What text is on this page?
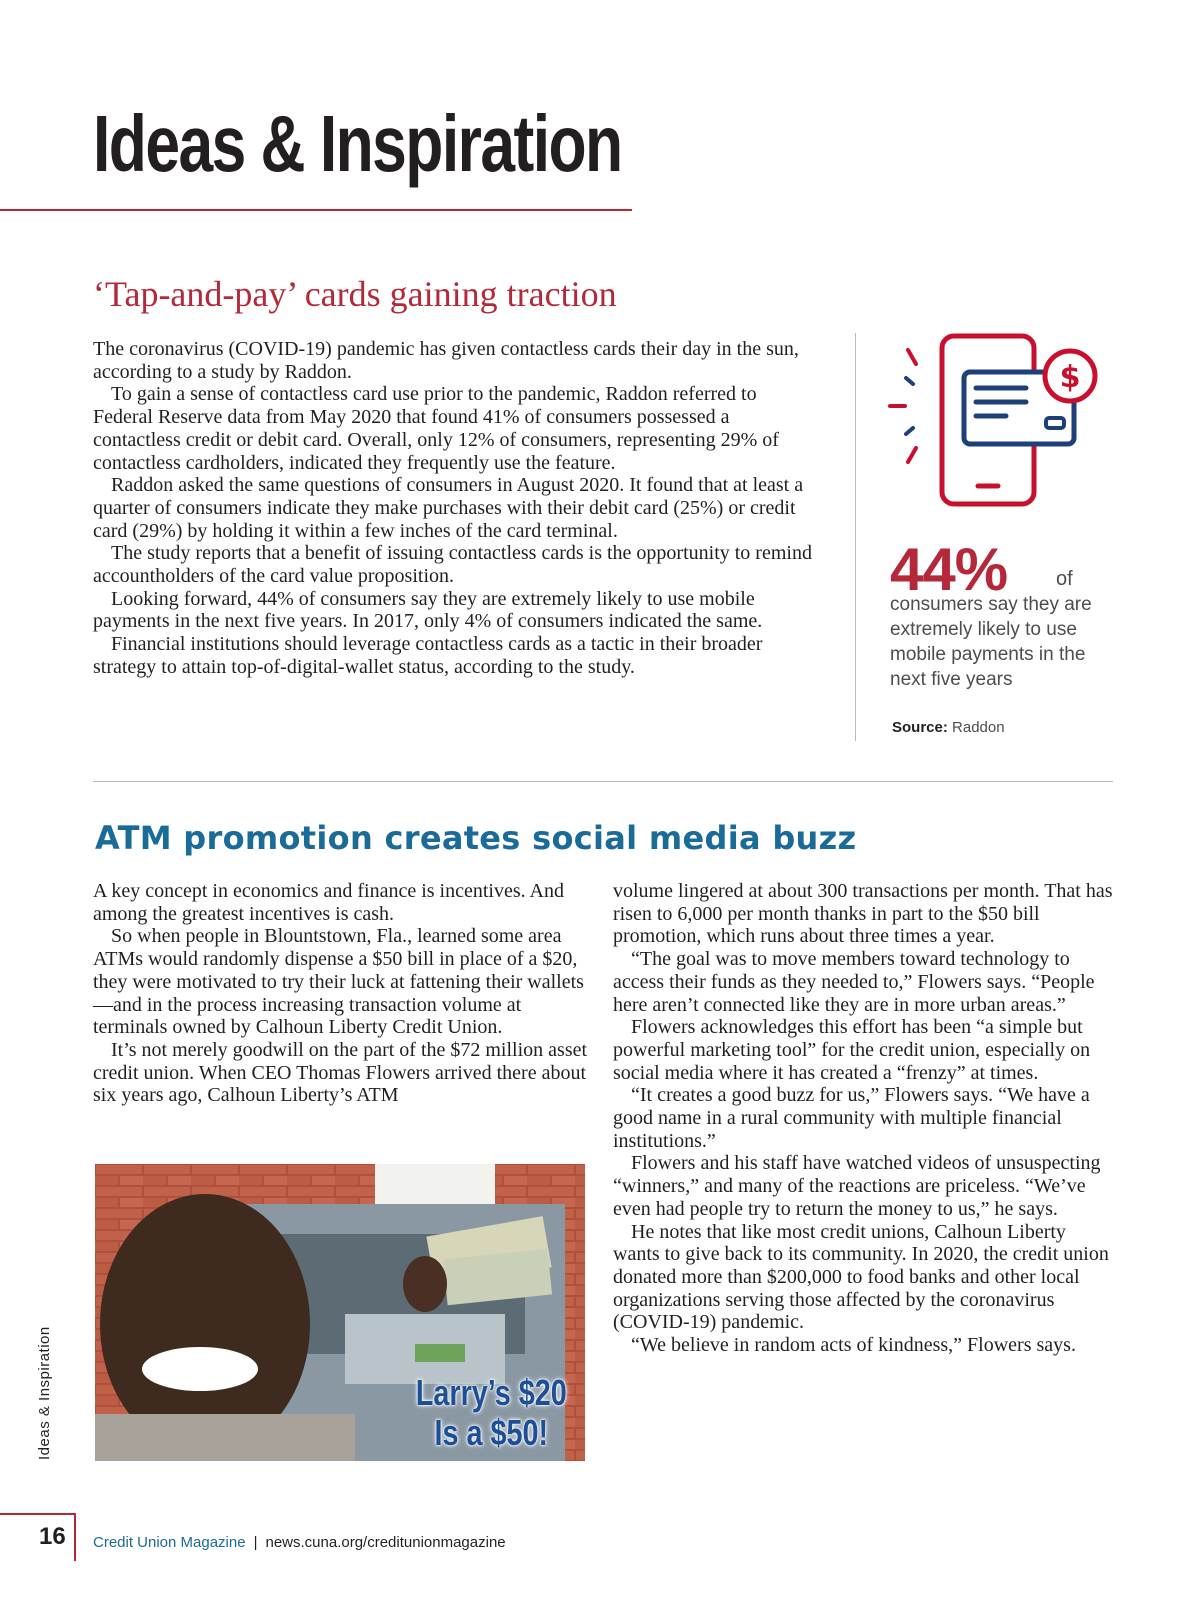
Ideas & Inspiration
‘Tap-and-pay’ cards gaining traction

The coronavirus (COVID-19) pandemic has given contactless cards their day in the sun, according to a study by Raddon.

To gain a sense of contactless card use prior to the pandemic, Raddon referred to Federal Reserve data from May 2020 that found 41% of consumers possessed a contactless credit or debit card. Overall, only 12% of consumers, representing 29% of contactless cardholders, indicated they frequently use the feature.

Raddon asked the same questions of consumers in August 2020. It found that at least a quarter of consumers indicate they make purchases with their debit card (25%) or credit card (29%) by holding it within a few inches of the card terminal.

The study reports that a benefit of issuing contactless cards is the opportunity to remind accountholders of the card value proposition.

Looking forward, 44% of consumers say they are extremely likely to use mobile payments in the next five years. In 2017, only 4% of consumers indicated the same.

Financial institutions should leverage contactless cards as a tactic in their broader strategy to attain top-of-digital-wallet status, according to the study.

$
44% of

consumers say they are extremely likely to use mobile payments in the next five years

Source: Raddon
ATM promotion creates social media buzz

A key concept in economics and finance is incentives. And among the greatest incentives is cash.

So when people in Blountstown, Fla., learned some area ATMs would randomly dispense a $50 bill in place of a $20, they were motivated to try their luck at fattening their wallets—and in the process increasing transaction volume at terminals owned by Calhoun Liberty Credit Union.

It’s not merely goodwill on the part of the $72 million asset credit union. When CEO Thomas Flowers arrived there about six years ago, Calhoun Liberty’s ATM

Larry’s $20
Is a $50!

volume lingered at about 300 transactions per month. That has risen to 6,000 per month thanks in part to the $50 bill promotion, which runs about three times a year.

“The goal was to move members toward technology to access their funds as they needed to,” Flowers says. “People here aren’t connected like they are in more urban areas.”

Flowers acknowledges this effort has been “a simple but powerful marketing tool” for the credit union, especially on social media where it has created a “frenzy” at times.

“It creates a good buzz for us,” Flowers says. “We have a good name in a rural community with multiple financial institutions.”

Flowers and his staff have watched videos of unsuspecting “winners,” and many of the reactions are priceless. “We’ve even had people try to return the money to us,” he says.

He notes that like most credit unions, Calhoun Liberty wants to give back to its community. In 2020, the credit union donated more than $200,000 to food banks and other local organizations serving those affected by the coronavirus (COVID-19) pandemic.

“We believe in random acts of kindness,” Flowers says.

Ideas & Inspiration
16 Credit Union Magazine | news.cuna.org/creditunionmagazine
